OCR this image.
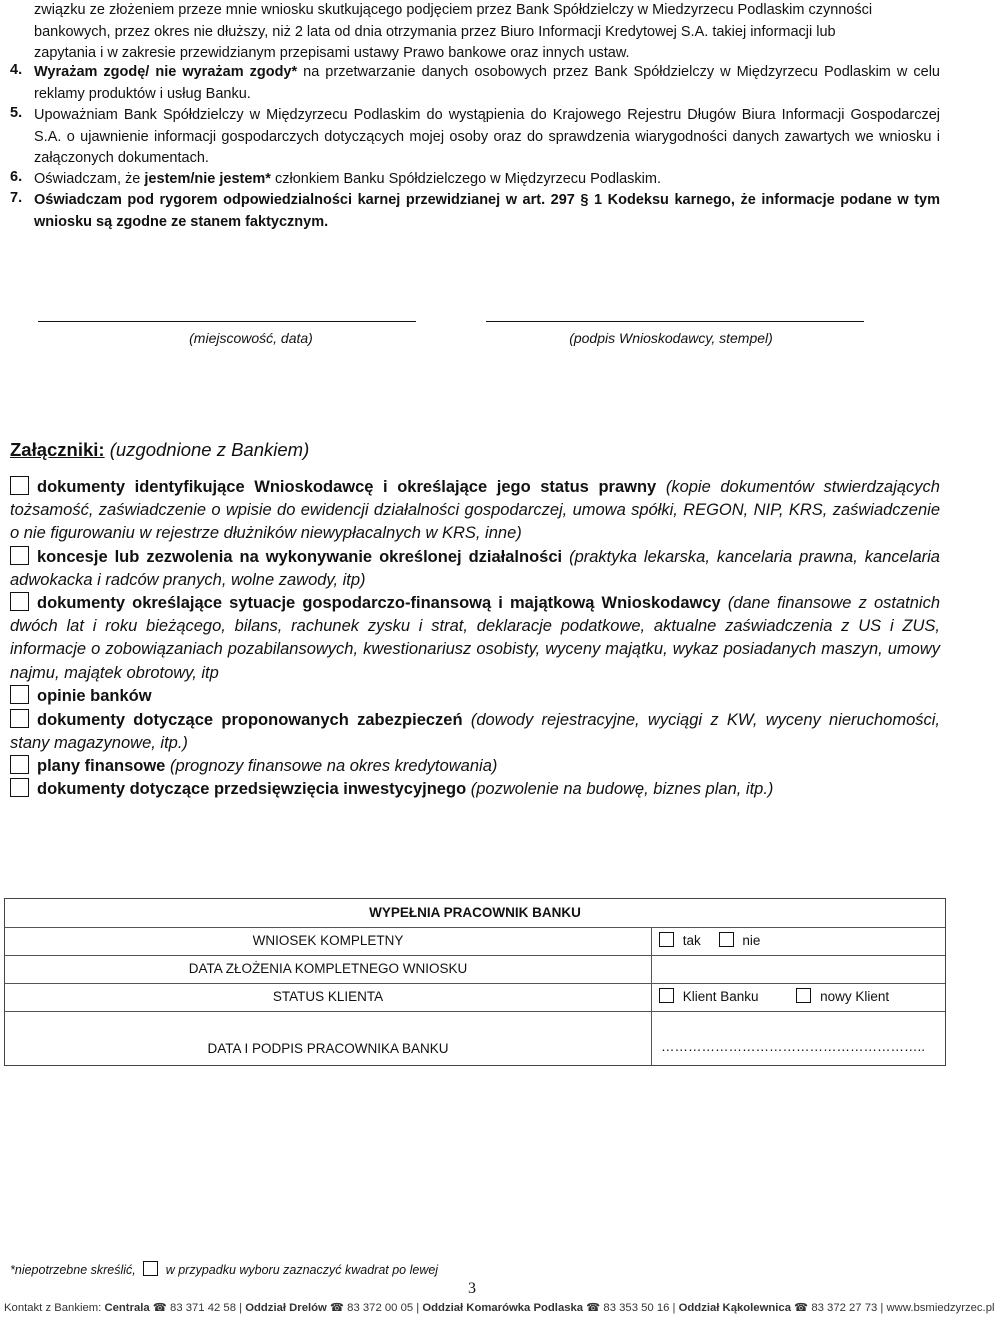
związku ze złożeniem przeze mnie wniosku skutkującego podjęciem przez Bank Spółdzielczy w Miedzyrzecu Podlaskim czynności
bankowych, przez okres nie dłuższy, niż 2 lata od dnia otrzymania przez Biuro Informacji Kredytowej S.A. takiej informacji lub
zapytania i w zakresie przewidzianym przepisami ustawy Prawo bankowe oraz innych ustaw.
4. Wyrażam zgodę/ nie wyrażam zgody* na przetwarzanie danych osobowych przez Bank Spółdzielczy w Międzyrzecu Podlaskim w celu reklamy produktów i usług Banku.
5. Upoważniam Bank Spółdzielczy w Międzyrzecu Podlaskim do wystąpienia do Krajowego Rejestru Długów Biura Informacji Gospodarczej S.A. o ujawnienie informacji gospodarczych dotyczących mojej osoby oraz do sprawdzenia wiarygodności danych zawartych we wniosku i załączonych dokumentach.
6. Oświadczam, że jestem/nie jestem* członkiem Banku Spółdzielczego w Międzyrzecu Podlaskim.
7. Oświadczam pod rygorem odpowiedzialności karnej przewidzianej w art. 297 § 1 Kodeksu karnego, że informacje podane w tym wniosku są zgodne ze stanem faktycznym.
(miejscowość, data)	(podpis Wnioskodawcy, stempel)
Załączniki: (uzgodnione z Bankiem)
dokumenty identyfikujące Wnioskodawcę i określające jego status prawny (kopie dokumentów stwierdzających tożsamość, zaświadczenie o wpisie do ewidencji działalności gospodarczej, umowa spółki, REGON, NIP, KRS, zaświadczenie o nie figurowaniu w rejestrze dłużników niewypłacalnych w KRS, inne)
koncesje lub zezwolenia na wykonywanie określonej działalności (praktyka lekarska, kancelaria prawna, kancelaria adwokacka i radców pranych, wolne zawody, itp)
dokumenty określające sytuacje gospodarczo-finansową i majątkową Wnioskodawcy (dane finansowe z ostatnich dwóch lat i roku bieżącego, bilans, rachunek zysku i strat, deklaracje podatkowe, aktualne zaświadczenia z US i ZUS, informacje o zobowiązaniach pozabilansowych, kwestionariusz osobisty, wyceny majątku, wykaz posiadanych maszyn, umowy najmu, majątek obrotowy, itp
opinie banków
dokumenty dotyczące proponowanych zabezpieczeń (dowody rejestracyjne, wyciągi z KW, wyceny nieruchomości, stany magazynowe, itp.)
plany finansowe (prognozy finansowe na okres kredytowania)
dokumenty dotyczące przedsięwzięcia inwestycyjnego (pozwolenie na budowę, biznes plan, itp.)
WYPEŁNIA PRACOWNIK BANKU
WNIOSEK KOMPLETNY	tak	nie
DATA ZŁOŻENIA KOMPLETNEGO WNIOSKU
STATUS KLIENTA	Klient Banku	nowy Klient
DATA I PODPIS PRACOWNIKA BANKU	…………………………………………………..
*niepotrzebne skreślić, w przypadku wyboru zaznaczyć kwadrat po lewej
3
Kontakt z Bankiem: Centrala ☎ 83 371 42 58 | Oddział Drelów ☎ 83 372 00 05 | Oddział Komarówka Podlaska ☎ 83 353 50 16 | Oddział Kąkolewnica ☎ 83 372 27 73 | www.bsmiedzyrzec.pl
